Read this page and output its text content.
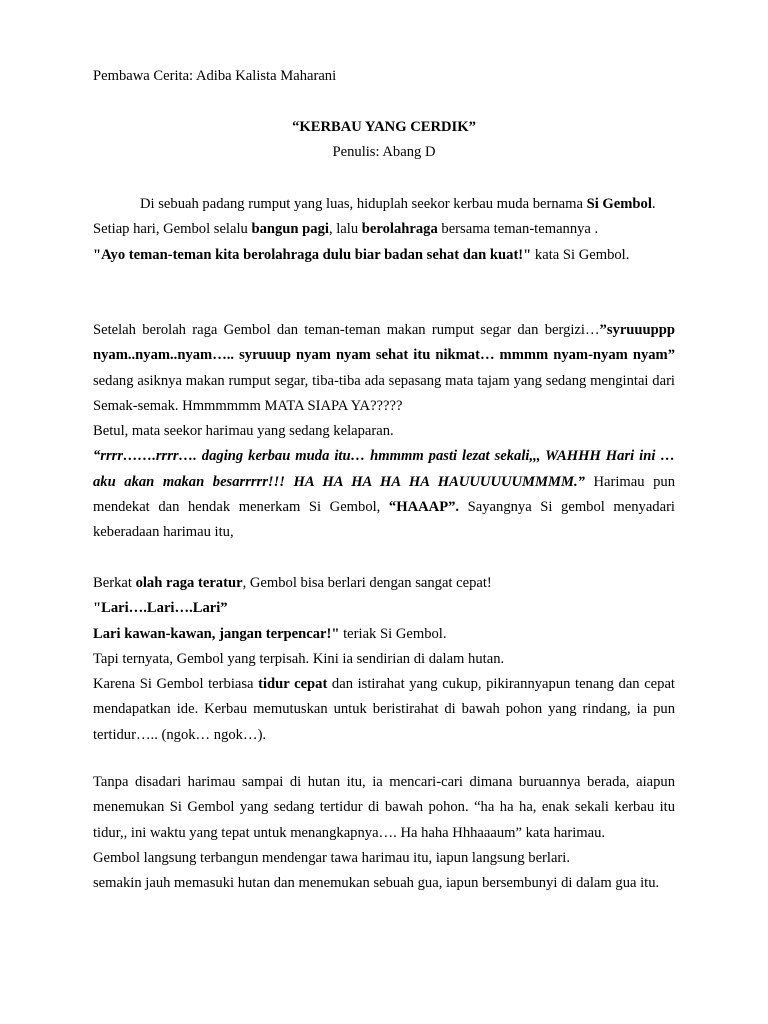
Pembawa Cerita: Adiba Kalista Maharani

“KERBAU YANG CERDIK”

Penulis: Abang D

Di sebuah padang rumput yang luas, hiduplah seekor kerbau muda bernama Si Gembol.

Setiap hari, Gembol selalu bangun pagi, lalu berolahraga bersama teman-temannya .

"Ayo teman-teman kita berolahraga dulu biar badan sehat dan kuat!" kata Si Gembol.

Setelah berolah raga Gembol dan teman-teman makan rumput segar dan bergizi…”syruuuppp nyam..nyam..nyam….. syruuup nyam nyam sehat itu nikmat… mmmm nyam-nyam nyam” sedang asiknya makan rumput segar, tiba-tiba ada sepasang mata tajam yang sedang mengintai dari Semak-semak. Hmmmmmm MATA SIAPA YA?????

Betul, mata seekor harimau yang sedang kelaparan.

“rrrr…….rrrr…. daging kerbau muda itu… hmmmm pasti lezat sekali,,, WAHHH Hari ini … aku akan makan besarrrrr!!! HA HA HA HA HA HAUUUUUUMMMM.” Harimau pun mendekat dan hendak menerkam Si Gembol, “HAAAP”. Sayangnya Si gembol menyadari keberadaan harimau itu,

Berkat olah raga teratur, Gembol bisa berlari dengan sangat cepat!

"Lari….Lari….Lari”

Lari kawan-kawan, jangan terpencar!" teriak Si Gembol.

Tapi ternyata, Gembol yang terpisah. Kini ia sendirian di dalam hutan.

Karena Si Gembol terbiasa tidur cepat dan istirahat yang cukup, pikirannyapun tenang dan cepat mendapatkan ide. Kerbau memutuskan untuk beristirahat di bawah pohon yang rindang, ia pun tertidur….. (ngok… ngok…).

Tanpa disadari harimau sampai di hutan itu, ia mencari-cari dimana buruannya berada, aiapun menemukan Si Gembol yang sedang tertidur di bawah pohon. “ha ha ha, enak sekali kerbau itu tidur,, ini waktu yang tepat untuk menangkapnya…. Ha haha Hhhaaaum” kata harimau.

Gembol langsung terbangun mendengar tawa harimau itu, iapun langsung berlari.

semakin jauh memasuki hutan dan menemukan sebuah gua, iapun bersembunyi di dalam gua itu.
